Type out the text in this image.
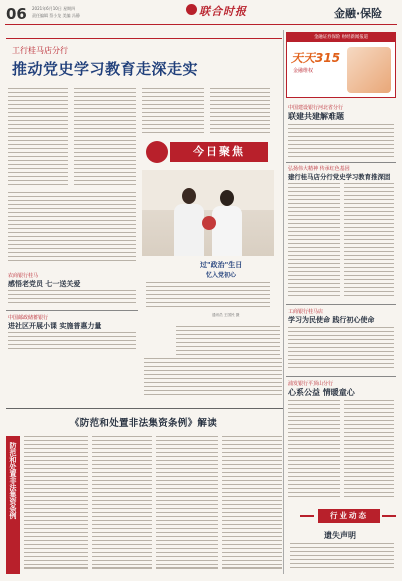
06 2021年6月10日 星期四
责任编辑 蔡小龙 美编 冯静	联合时报	金融·保险
工行桂马店分行
推动党史学习教育走深走实
今日聚焦
过"政治"生日
忆入党初心
通讯员 王国民 摄
金融证券保险 财经新闻报道
天天315
金融维权
中国建设银行河北省分行
联建共建解难题
弘扬伟大精神 传承红色基因
建行桂马店分行党史学习教育推深固
工商银行桂马店
学习为民使命 践行初心使命
浦发银行平顶山分行
心系公益 情暖童心
农商银行桂马
感悟老党员 七一送关爱
中国邮政储蓄银行
进社区开展小课 实施普惠力量
防范和处置非法集资条例
《防范和处置非法集资条例》解读
行业动态
遗失声明
